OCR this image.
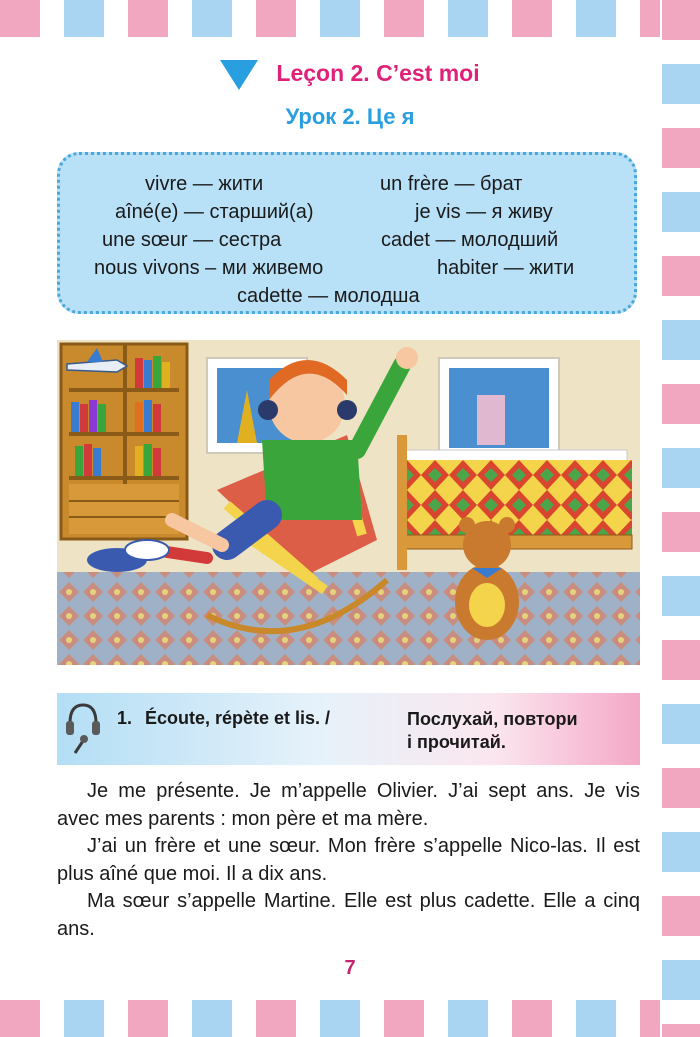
Leçon 2. C’est moi
Урок 2. Це я
vivre — жити	un frère — брат
aîné(e) — старший(а)	je vis — я живу
une sœur — сестра	cadet — молодший
nous vivons – ми живемо	habiter — жити
cadette — молодша
1. Écoute, répète et lis. /	Послухай, повтори
і прочитай.

Je me présente. Je m’appelle Olivier. J’ai sept ans. Je vis avec mes parents : mon père et ma mère.

J’ai un frère et une sœur. Mon frère s’appelle Nico-las. Il est plus aîné que moi. Il a dix ans.

Ma sœur s’appelle Martine. Elle est plus cadette. Elle a cinq ans.

7
